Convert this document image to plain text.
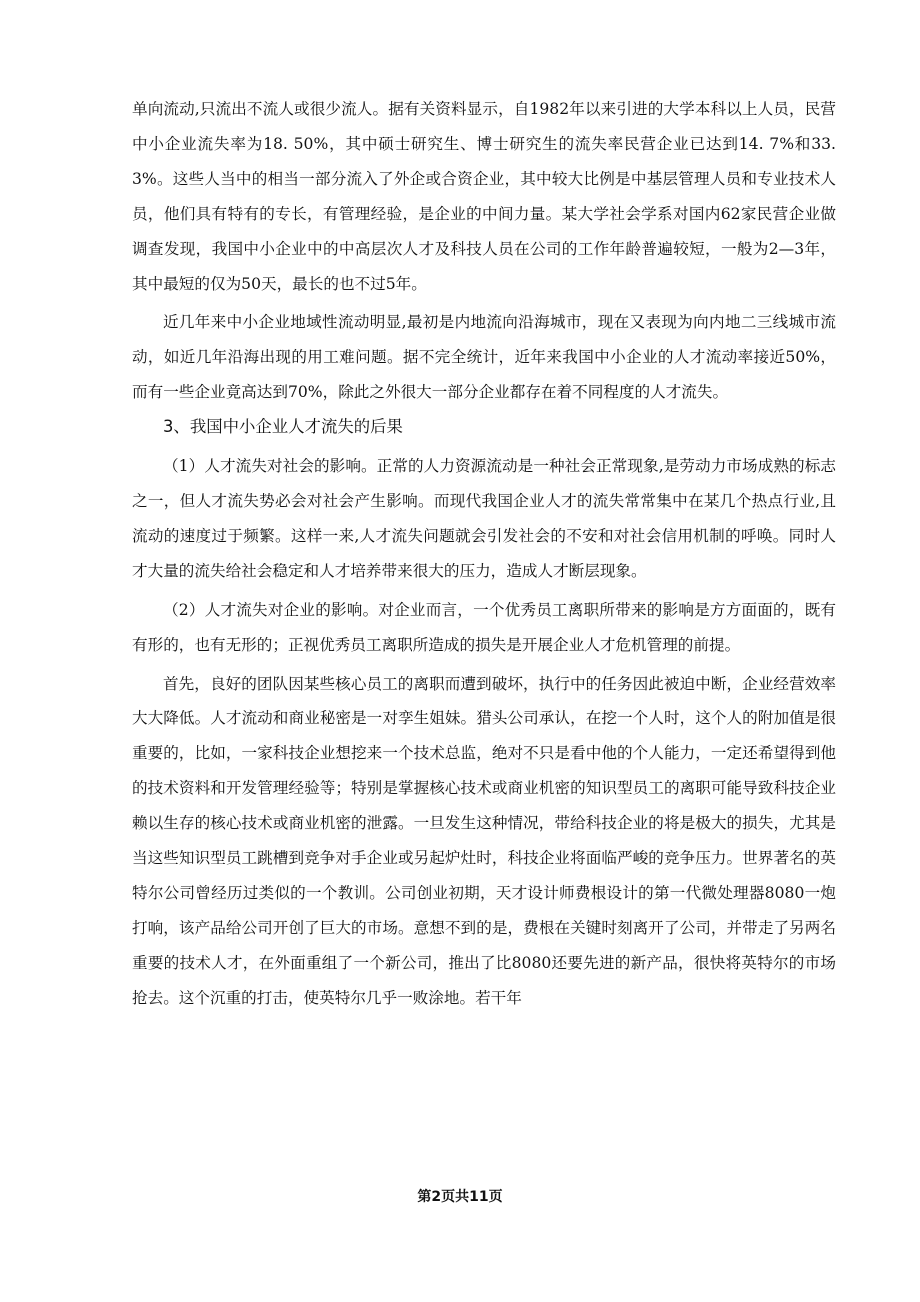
单向流动,只流出不流人或很少流人。据有关资料显示，自1982年以来引进的大学本科以上人员，民营中小企业流失率为18. 50%，其中硕士研究生、博士研究生的流失率民营企业已达到14. 7%和33. 3%。这些人当中的相当一部分流入了外企或合资企业，其中较大比例是中基层管理人员和专业技术人员，他们具有特有的专长，有管理经验，是企业的中间力量。某大学社会学系对国内62家民营企业做调查发现，我国中小企业中的中高层次人才及科技人员在公司的工作年龄普遍较短，一般为2—3年，其中最短的仅为50天，最长的也不过5年。

近几年来中小企业地域性流动明显,最初是内地流向沿海城市，现在又表现为向内地二三线城市流动，如近几年沿海出现的用工难问题。据不完全统计，近年来我国中小企业的人才流动率接近50%，而有一些企业竟高达到70%，除此之外很大一部分企业都存在着不同程度的人才流失。

3、我国中小企业人才流失的后果

（1）人才流失对社会的影响。正常的人力资源流动是一种社会正常现象,是劳动力市场成熟的标志之一，但人才流失势必会对社会产生影响。而现代我国企业人才的流失常常集中在某几个热点行业,且流动的速度过于频繁。这样一来,人才流失问题就会引发社会的不安和对社会信用机制的呼唤。同时人才大量的流失给社会稳定和人才培养带来很大的压力，造成人才断层现象。

（2）人才流失对企业的影响。对企业而言，一个优秀员工离职所带来的影响是方方面面的，既有有形的，也有无形的；正视优秀员工离职所造成的损失是开展企业人才危机管理的前提。

首先，良好的团队因某些核心员工的离职而遭到破坏，执行中的任务因此被迫中断，企业经营效率大大降低。人才流动和商业秘密是一对孪生姐妹。猎头公司承认，在挖一个人时，这个人的附加值是很重要的，比如，一家科技企业想挖来一个技术总监，绝对不只是看中他的个人能力，一定还希望得到他的技术资料和开发管理经验等；特别是掌握核心技术或商业机密的知识型员工的离职可能导致科技企业赖以生存的核心技术或商业机密的泄露。一旦发生这种情况，带给科技企业的将是极大的损失，尤其是当这些知识型员工跳槽到竞争对手企业或另起炉灶时，科技企业将面临严峻的竞争压力。世界著名的英特尔公司曾经历过类似的一个教训。公司创业初期，天才设计师费根设计的第一代微处理器8080一炮打响，该产品给公司开创了巨大的市场。意想不到的是，费根在关键时刻离开了公司，并带走了另两名重要的技术人才，在外面重组了一个新公司，推出了比8080还要先进的新产品，很快将英特尔的市场抢去。这个沉重的打击，使英特尔几乎一败涂地。若干年

第2页共11页
